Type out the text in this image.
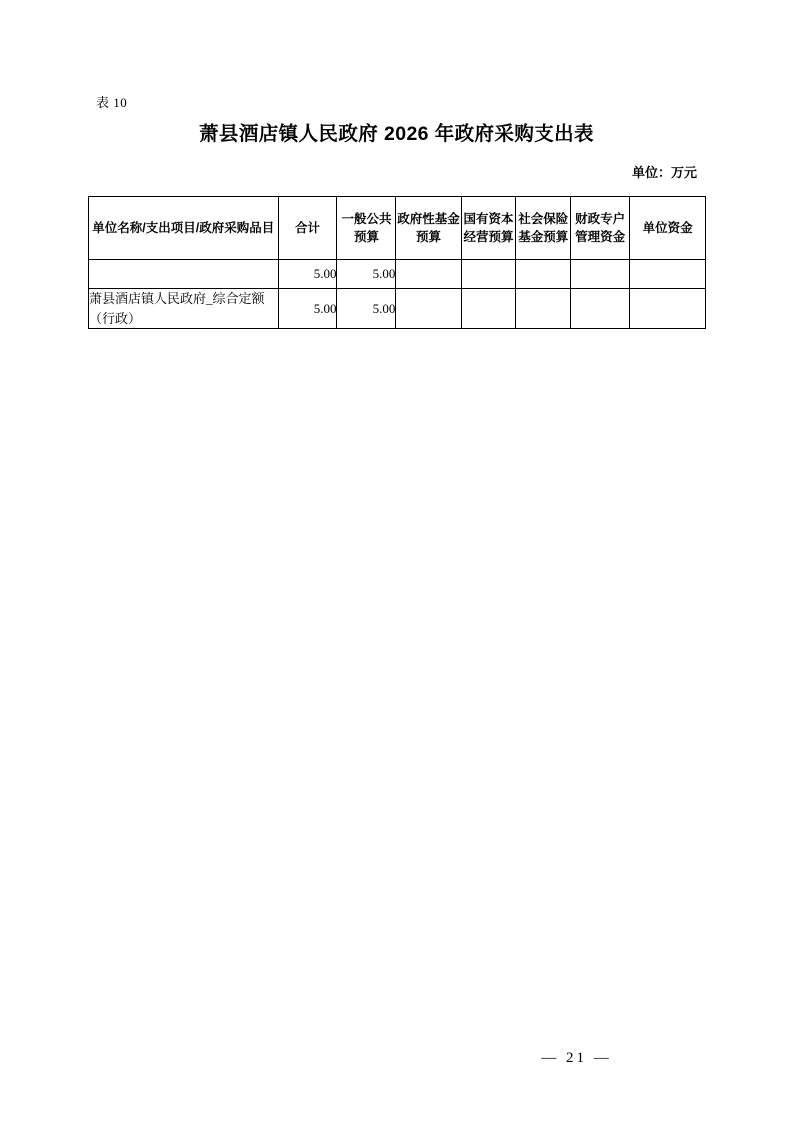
表 10
萧县酒店镇人民政府 2026 年政府采购支出表
单位：万元
单位名称/支出项目/政府采购品目	合计	一般公共预算	政府性基金预算	国有资本经营预算	社会保险基金预算	财政专户管理资金	单位资金
	5.00	5.00					
萧县酒店镇人民政府_综合定额（行政）	5.00	5.00					
— 21 —
